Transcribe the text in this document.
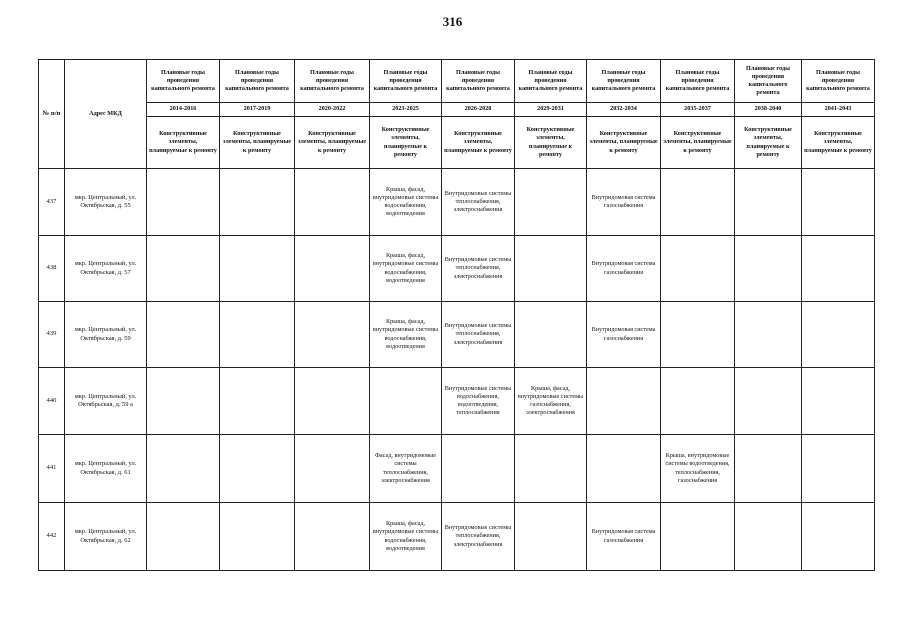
316
№ п/п	Адрес МКД	Плановые годы проведения капитального ремонта	Плановые годы проведения капитального ремонта	Плановые годы проведения капитального ремонта	Плановые годы проведения капитального ремонта	Плановые годы проведения капитального ремонта	Плановые годы проведения капитального ремонта	Плановые годы проведения капитального ремонта	Плановые годы проведения капитального ремонта	Плановые годы проведения капитального ремонта	Плановые годы проведения капитального ремонта
		2014-2016	2017-2019	2020-2022	2023-2025	2026-2028	2029-2031	2032-2034	2035-2037	2038-2040	2041-2043
		Конструктивные элементы, планируемые к ремонту	Конструктивные элементы, планируемые к ремонту	Конструктивные элементы, планируемые к ремонту	Конструктивные элементы, планируемые к ремонту	Конструктивные элементы, планируемые к ремонту	Конструктивные элементы, планируемые к ремонту	Конструктивные элементы, планируемые к ремонту	Конструктивные элементы, планируемые к ремонту	Конструктивные элементы, планируемые к ремонту	Конструктивные элементы, планируемые к ремонту
437	мкр. Центральный, ул. Октябрьская, д. 55				Крыша, фасад, внутридомовые системы водоснабжения, водоотведения	Внутридомовые системы теплоснабжения, электроснабжения		Внутридомовая система газоснабжения			
438	мкр. Центральный, ул. Октябрьская, д. 57				Крыша, фасад, внутридомовые системы водоснабжения, водоотведения	Внутридомовые системы теплоснабжения, электроснабжения		Внутридомовая система газоснабжения			
439	мкр. Центральный, ул. Октябрьская, д. 59				Крыша, фасад, внутридомовые системы водоснабжения, водоотведения	Внутридомовые системы теплоснабжения, электроснабжения		Внутридомовая система газоснабжения			
440	мкр. Центральный, ул. Октябрьская, д. 59 а					Внутридомовые системы водоснабжения, водоотведения, теплоснабжения	Крыша, фасад, внутридомовые системы газоснабжения, электроснабжения				
441	мкр. Центральный, ул. Октябрьская, д. 61				Фасад, внутридомовые системы теплоснабжения, электроснабжения				Крыша, внутридомовые системы водоотведения, теплоснабжения, газоснабжения		
442	мкр. Центральный, ул. Октябрьская, д. 62				Крыша, фасад, внутридомовые системы водоснабжения, водоотведения	Внутридомовые системы теплоснабжения, электроснабжения		Внутридомовая система газоснабжения			
